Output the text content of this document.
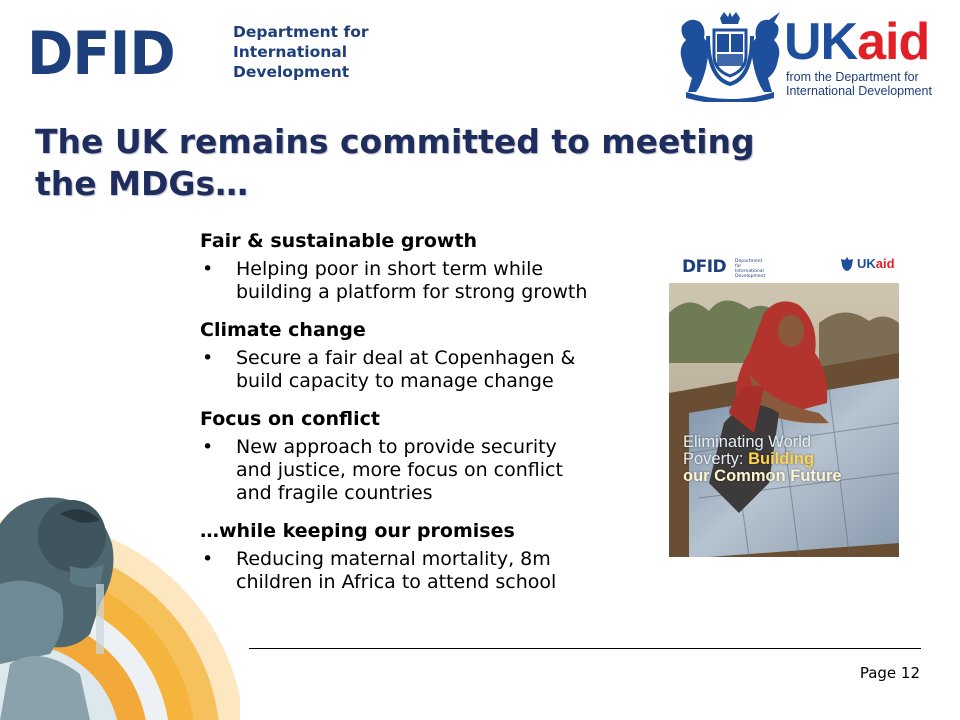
DFID	Department for
International
Development
UKaid
from the Department for
International Development
The UK remains committed to meeting
the MDGs…
Fair & sustainable growth
• Helping poor in short term while
building a platform for strong growth
Climate change
• Secure a fair deal at Copenhagen &
build capacity to manage change
Focus on conflict
• New approach to provide security
and justice, more focus on conflict
and fragile countries
…while keeping our promises
• Reducing maternal mortality, 8m
children in Africa to attend school
DFID Department for International Development
UKaid
Eliminating World
Poverty: Building
our Common Future
Page 12
